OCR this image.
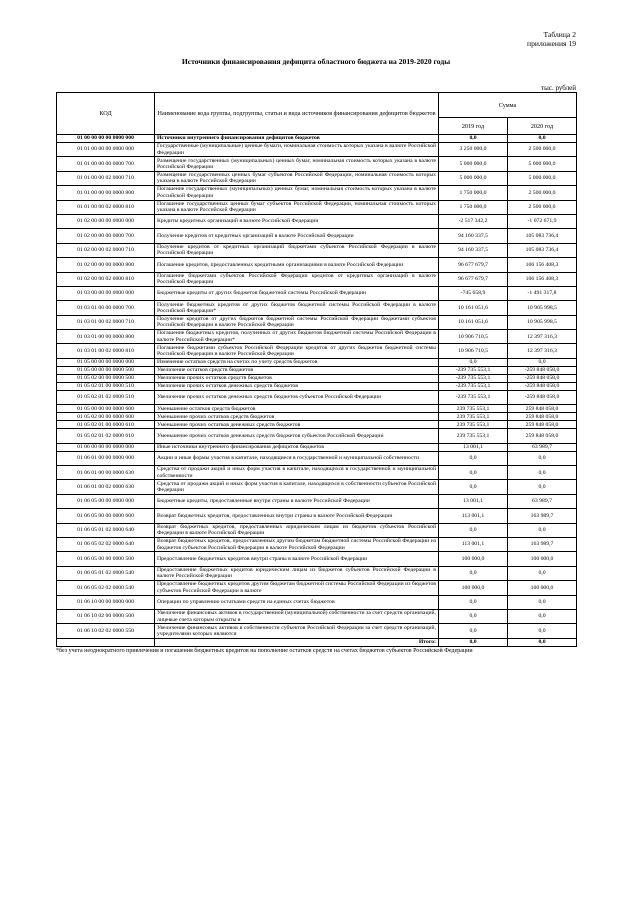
Таблица 2
приложения 19
Источники финансирования дефицита областного бюджета на 2019-2020 годы
тыс. рублей
КОД	Наименование кода группы, подгруппы, статьи и вида источников финансирования дефицитов бюджетов	Сумма	
		2019 год	2020 год
01 00 00 00 00 0000 000	Источники внутреннего финансирования дефицитов бюджетов	0,0	0,0
01 01 00 00 00 0000 000	Государственные (муниципальные) ценные бумаги, номинальная стоимость которых указана в валюте Российской Федерации	3 250 000,0	2 500 000,0
01 01 00 00 00 0000 700	Размещение государственных (муниципальных) ценных бумаг, номинальная стоимость которых указана в валюте Российской Федерации	5 000 000,0	5 000 000,0
01 01 00 00 02 0000 710	Размещение государственных ценных бумаг субъектов Российской Федерации, номинальная стоимость которых указана в валюте Российской Федерации	5 000 000,0	5 000 000,0
01 01 00 00 00 0000 800	Погашение государственных (муниципальных) ценных бумаг, номинальная стоимость которых указана в валюте Российской Федерации	1 750 000,0	2 500 000,0
01 01 00 00 02 0000 810	Погашение государственных ценных бумаг субъектов Российской Федерации, номинальная стоимость которых указана в валюте Российской Федерации	1 750 000,0	2 500 000,0
01 02 00 00 00 0000 000	Кредиты кредитных организаций в валюте Российской Федерации	-2 517 342,2	-1 072 671,9
01 02 00 00 00 0000 700	Получение кредитов от кредитных организаций в валюте Российской Федерации	94 160 337,5	105 083 736,4
01 02 00 00 02 0000 710	Получение кредитов от кредитных организаций бюджетами субъектов Российской Федерации в валюте Российской Федерации	94 160 337,5	105 083 736,4
01 02 00 00 00 0000 800	Погашение кредитов, предоставленных кредитными организациями в валюте Российской Федерации	96 677 679,7	106 156 408,3
01 02 00 00 02 0000 810	Погашение бюджетами субъектов Российской Федерации кредитов от кредитных организаций в валюте Российской Федерации	96 677 679,7	106 156 408,3
01 03 00 00 00 0000 000	Бюджетные кредиты от других бюджетов бюджетной системы Российской Федерации	-745 658,9	-1 491 317,8
01 03 01 00 00 0000 700	Получение бюджетных кредитов от других бюджетов бюджетной системы Российской Федерации в валюте Российской Федерации*	10 161 051,6	10 905 998,5
01 03 01 00 02 0000 710	Получение кредитов от других бюджетов бюджетной системы Российской Федерации бюджетами субъектов Российской Федерации в валюте Российской Федерации	10 161 051,6	10 905 998,5
01 03 01 00 00 0000 800	Погашение бюджетных кредитов, полученных от других бюджетов бюджетной системы Российской Федерации в валюте Российской Федерации*	10 906 710,5	12 397 316,3
01 03 01 00 02 0000 810	Погашение бюджетами субъектов Российской Федерации кредитов от других бюджетов бюджетной системы Российской Федерации в валюте Российской Федерации	10 906 710,5	12 397 316,3
01 05 00 00 00 0000 000	Изменение остатков средств на счетах по учету средств бюджетов	0,0	0,0
01 05 00 00 00 0000 500	Увеличение остатков средств бюджетов	-239 735 553,1	-259 848 058,0
01 05 02 00 00 0000 500	Увеличение прочих остатков средств бюджетов	-239 735 553,1	-259 848 058,0
01 05 02 01 00 0000 510	Увеличение прочих остатков денежных средств бюджетов	-239 735 553,1	-259 848 058,0
01 05 02 01 02 0000 510	Увеличение прочих остатков денежных средств бюджетов субъектов Российской Федерации	-239 735 553,1	-259 848 058,0
01 05 00 00 00 0000 600	Уменьшение остатков средств бюджетов	239 735 553,1	259 848 058,0
01 05 02 00 00 0000 600	Уменьшение прочих остатков средств бюджетов	239 735 553,1	259 848 058,0
01 05 02 01 00 0000 610	Уменьшение прочих остатков денежных средств бюджетов	239 735 553,1	259 848 058,0
01 05 02 01 02 0000 610	Уменьшение прочих остатков денежных средств бюджетов субъектов Российской Федерации	239 735 553,1	259 848 058,0
01 06 00 00 00 0000 000	Иные источники внутреннего финансирования дефицитов бюджетов	13 001,1	63 989,7
01 06 01 00 00 0000 000	Акции и иные формы участия в капитале, находящиеся в государственной и муниципальной собственности	0,0	0,0
01 06 01 00 00 0000 630	Средства от продажи акций и иных форм участия в капитале, находящихся в государственной и муниципальной собственности	0,0	0,0
01 06 01 00 02 0000 630	Средства от продажи акций и иных форм участия в капитале, находящихся в собственности субъектов Российской Федерации	0,0	0,0
01 06 05 00 00 0000 000	Бюджетные кредиты, предоставленные внутри страны в валюте Российской Федерации	13 001,1	63 989,7
01 06 05 00 00 0000 600	Возврат бюджетных кредитов, предоставленных внутри страны в валюте Российской Федерации	113 001,1	163 989,7
01 06 05 01 02 0000 640	Возврат бюджетных кредитов, предоставленных юридическим лицам из бюджетов субъектов Российской Федерации в валюте Российской Федерации	0,0	0,0
01 06 05 02 02 0000 640	Возврат бюджетных кредитов, предоставленных другим бюджетам бюджетной системы Российской Федерации из бюджетов субъектов Российской Федерации в валюте Российской Федерации	113 001,1	163 989,7
01 06 05 00 00 0000 500	Предоставление бюджетных кредитов внутри страны в валюте Российской Федерации	100 000,0	100 000,0
01 06 05 01 02 0000 540	Предоставление бюджетных кредитов юридическим лицам из бюджетов субъектов Российской Федерации в валюте Российской Федерации	0,0	0,0
01 06 05 02 02 0000 540	Предоставление бюджетных кредитов другим бюджетам бюджетной системы Российской Федерации из бюджетов субъектов Российской Федерации в валюте	100 000,0	100 000,0
01 06 10 00 00 0000 000	Операции по управлению остатками средств на единых счетах бюджетов	0,0	0,0
01 06 10 02 00 0000 500	Увеличение финансовых активов в государственной (муниципальной) собственности за счет средств организаций, лицевые счета которым открыты в	0,0	0,0
01 06 10 02 02 0000 550	Увеличение финансовых активов в собственности субъектов Российской Федерации за счет средств организаций, учредителями которых являются	0,0	0,0
	Итого:	0,0	0,0
*без учета неоднократного привлечения и погашения бюджетных кредитов на пополнение остатков средств на счетах бюджетов субъектов Российской Федерации
